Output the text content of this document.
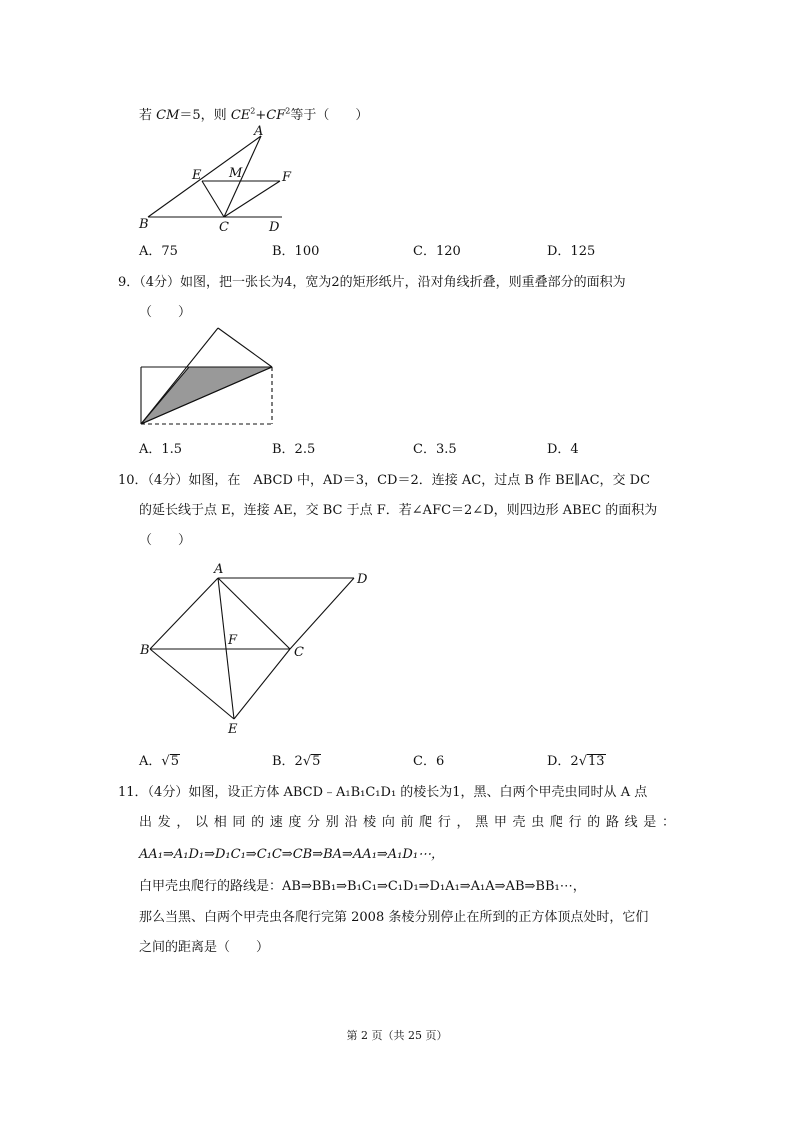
若 CM＝5，则 $CE^2+CF^2$等于（　　）
A
E M	F
B	C	D
A．75	B．100	C．120	D．125
9．（4分）如图，把一张长为4，宽为2的矩形纸片，沿对角线折叠，则重叠部分的面积为
（　　）
A．1.5	B．2.5	C．3.5	D．4
10．（4分）如图，在　ABCD 中，AD＝3，CD＝2．连接 AC，过点 B 作 BE∥AC，交 DC
的延长线于点 E，连接 AE，交 BC 于点 F．若∠AFC＝2∠D，则四边形 ABEC 的面积为
（　　）
A
D
B
F
C
E
A．√5	B．2√5	C．6	D．2√13
11．（4分）如图，设正方体 ABCD﹣A₁B₁C₁D₁ 的棱长为1，黑、白两个甲壳虫同时从 A 点
出发，以相同的速度分别沿棱向前爬行，黑甲壳虫爬行的路线是：
AA₁⇒A₁D₁⇒D₁C₁⇒C₁C⇒CB⇒BA⇒AA₁⇒A₁D₁⋯，
白甲壳虫爬行的路线是：AB⇒BB₁⇒B₁C₁⇒C₁D₁⇒D₁A₁⇒A₁A⇒AB⇒BB₁⋯，
那么当黑、白两个甲壳虫各爬行完第 2008 条棱分别停止在所到的正方体顶点处时，它们
之间的距离是（　　）
第 2 页（共 25 页）
